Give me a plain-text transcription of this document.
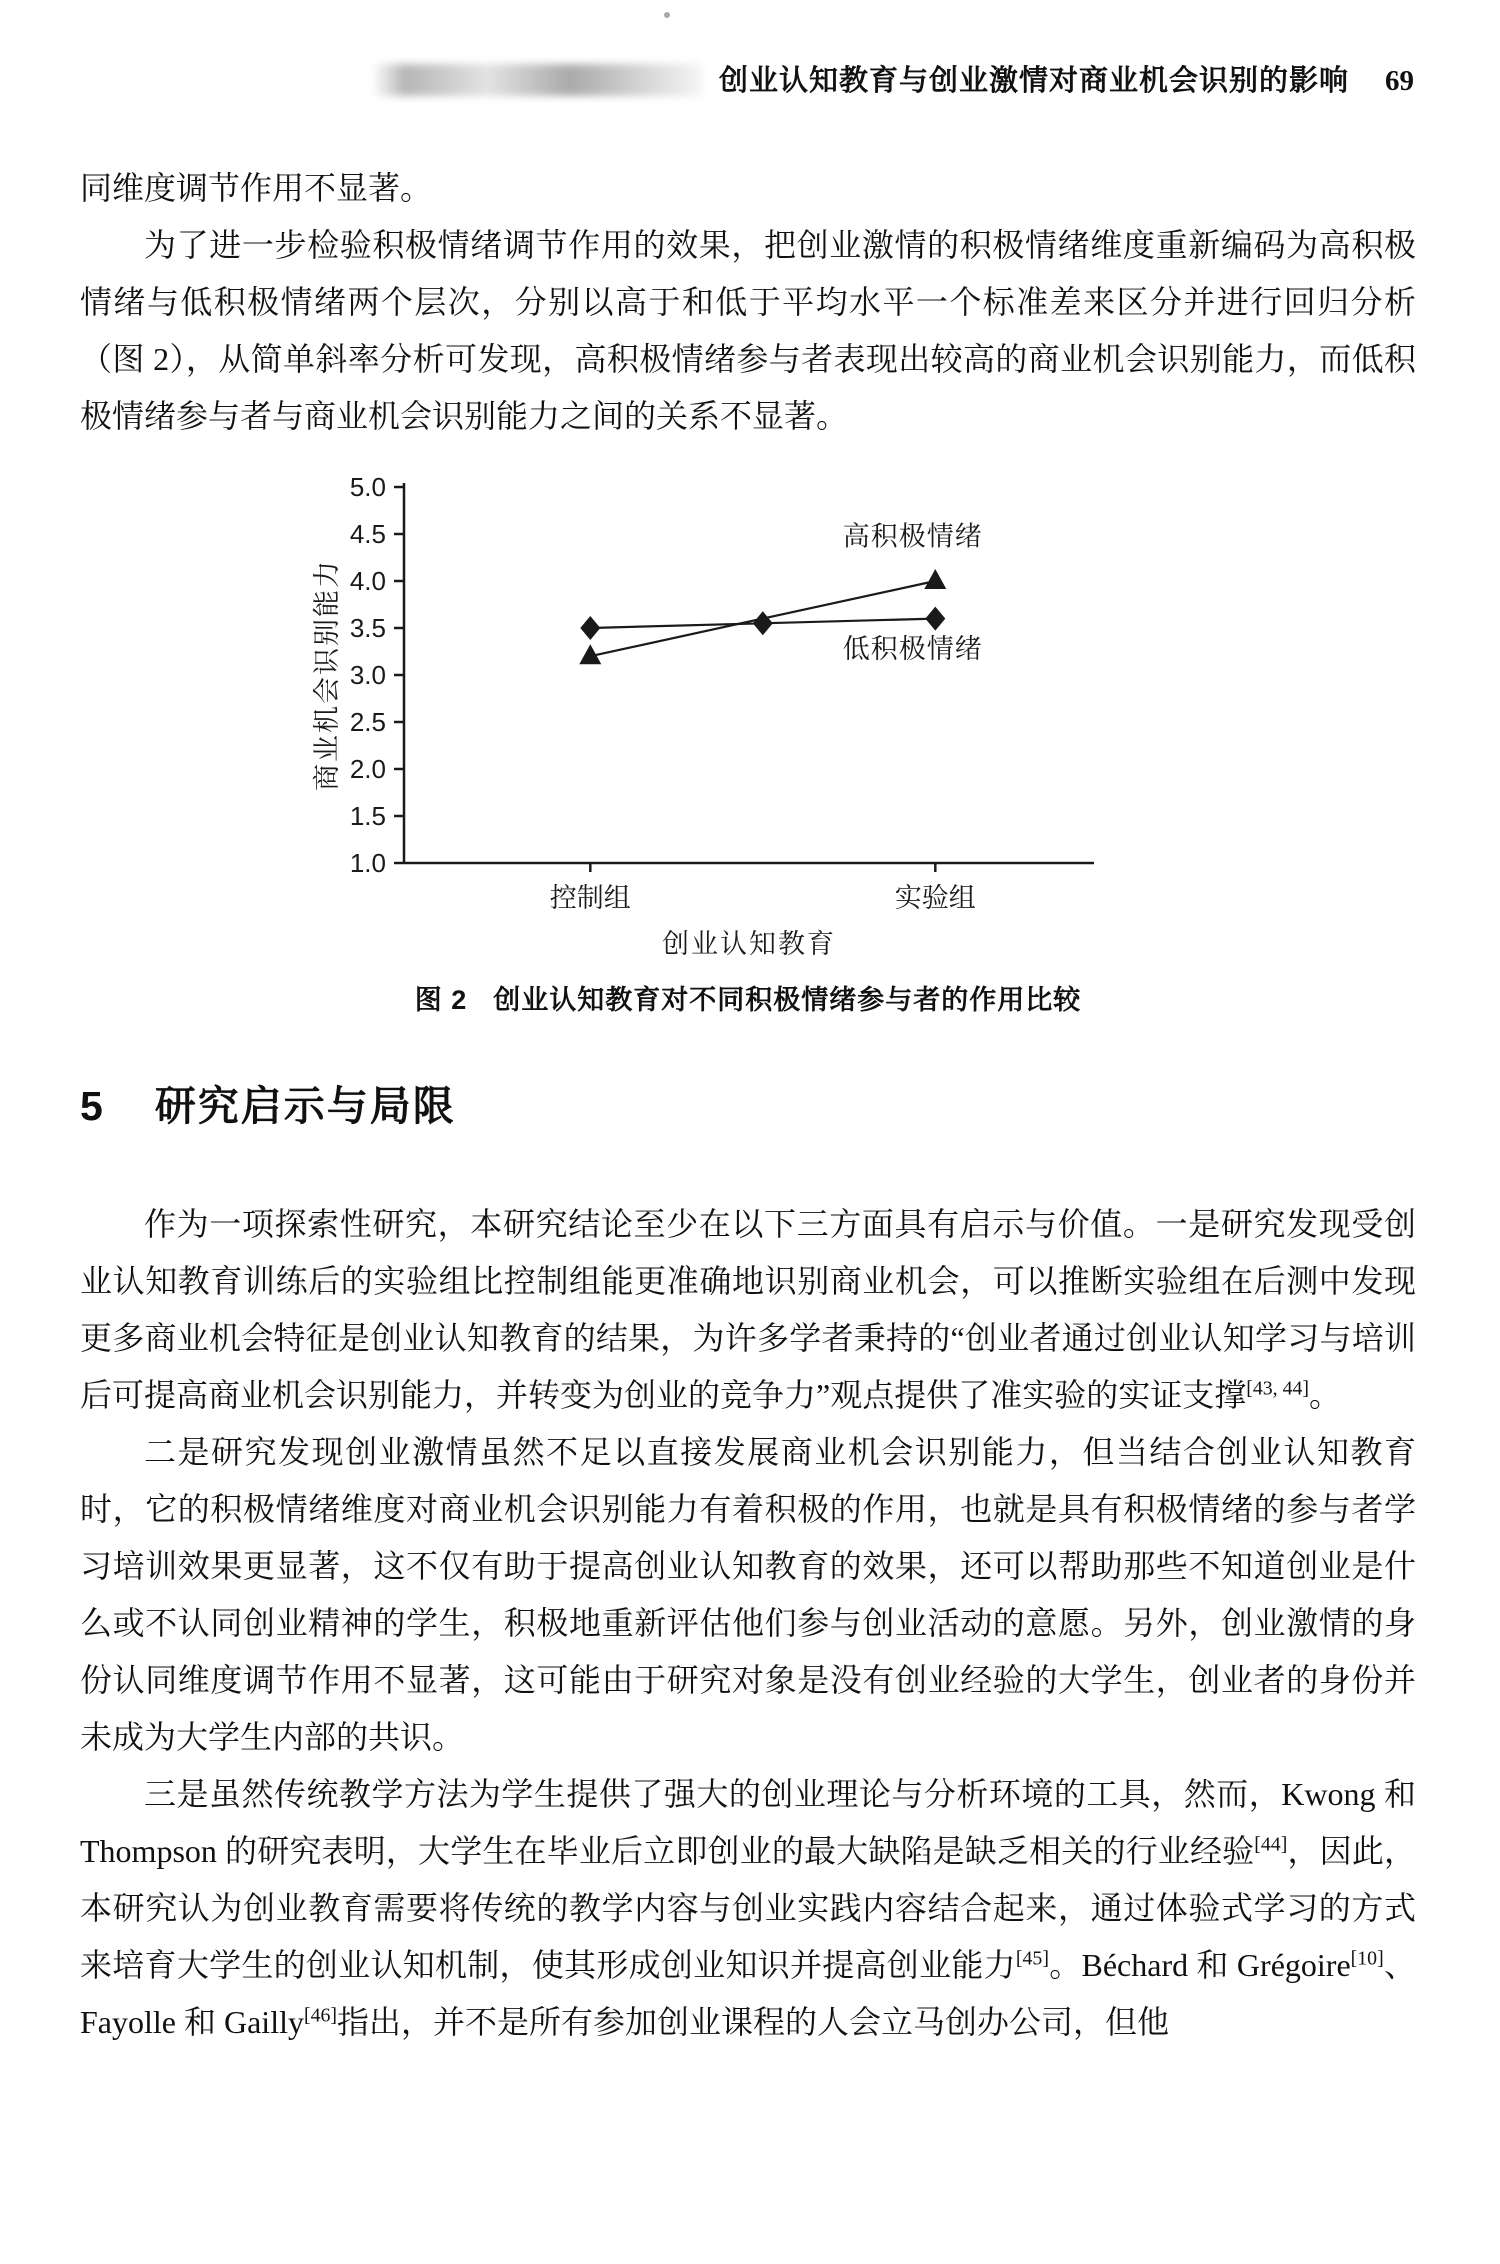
创业认知教育与创业激情对商业机会识别的影响 69

同维度调节作用不显著。

为了进一步检验积极情绪调节作用的效果，把创业激情的积极情绪维度重新编码为高积极情绪与低积极情绪两个层次，分别以高于和低于平均水平一个标准差来区分并进行回归分析（图 2），从简单斜率分析可发现，高积极情绪参与者表现出较高的商业机会识别能力，而低积极情绪参与者与商业机会识别能力之间的关系不显著。

5.0
4.5
4.0
3.5
3.0
2.5
2.0
1.5
1.0
商业机会识别能力
控制组	实验组
创业认知教育
高积极情绪
低积极情绪
图 2 创业认知教育对不同积极情绪参与者的作用比较
5 研究启示与局限

作为一项探索性研究，本研究结论至少在以下三方面具有启示与价值。一是研究发现受创业认知教育训练后的实验组比控制组能更准确地识别商业机会，可以推断实验组在后测中发现更多商业机会特征是创业认知教育的结果，为许多学者秉持的“创业者通过创业认知学习与培训后可提高商业机会识别能力，并转变为创业的竞争力”观点提供了准实验的实证支撑[43, 44]。

二是研究发现创业激情虽然不足以直接发展商业机会识别能力，但当结合创业认知教育时，它的积极情绪维度对商业机会识别能力有着积极的作用，也就是具有积极情绪的参与者学习培训效果更显著，这不仅有助于提高创业认知教育的效果，还可以帮助那些不知道创业是什么或不认同创业精神的学生，积极地重新评估他们参与创业活动的意愿。另外，创业激情的身份认同维度调节作用不显著，这可能由于研究对象是没有创业经验的大学生，创业者的身份并未成为大学生内部的共识。

三是虽然传统教学方法为学生提供了强大的创业理论与分析环境的工具，然而，Kwong 和 Thompson 的研究表明，大学生在毕业后立即创业的最大缺陷是缺乏相关的行业经验[44]，因此，本研究认为创业教育需要将传统的教学内容与创业实践内容结合起来，通过体验式学习的方式来培育大学生的创业认知机制，使其形成创业知识并提高创业能力[45]。Béchard 和 Grégoire[10]、Fayolle 和 Gailly[46]指出，并不是所有参加创业课程的人会立马创办公司，但他
